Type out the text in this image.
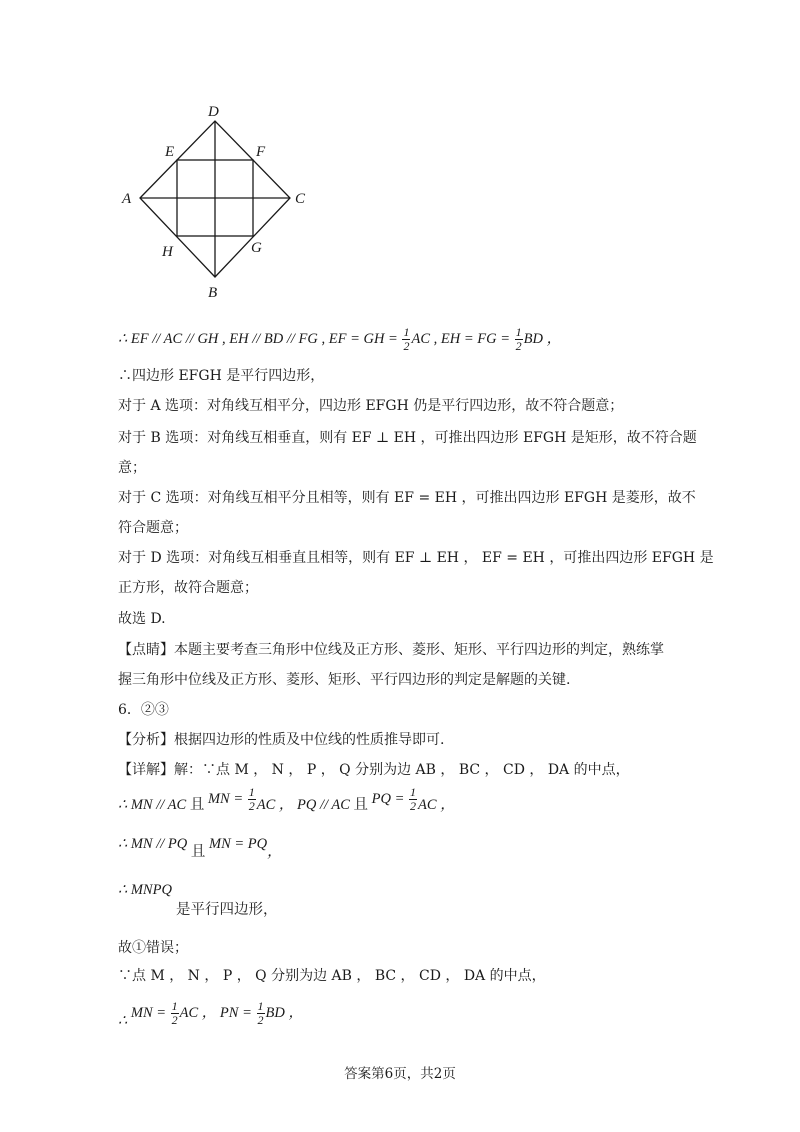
D
E	F
A	C
H	G
B
∴ EF // AC // GH , EH // BD // FG , EF = GH = $\frac{1}{2}$ AC , EH = FG = $\frac{1}{2}$ BD ，
∴四边形 EFGH 是平行四边形，
对于 A 选项：对角线互相平分，四边形 EFGH 仍是平行四边形，故不符合题意；
对于 B 选项：对角线互相垂直，则有 EF ⊥ EH ，可推出四边形 EFGH 是矩形，故不符合题
意；
对于 C 选项：对角线互相平分且相等，则有 EF = EH ，可推出四边形 EFGH 是菱形，故不
符合题意；
对于 D 选项：对角线互相垂直且相等，则有 EF ⊥ EH ， EF = EH ，可推出四边形 EFGH 是
正方形，故符合题意；
故选 D.
【点睛】本题主要考查三角形中位线及正方形、菱形、矩形、平行四边形的判定，熟练掌
握三角形中位线及正方形、菱形、矩形、平行四边形的判定是解题的关键.
6．②③
【分析】根据四边形的性质及中位线的性质推导即可.
【详解】解：∵点 M ， N ， P ， Q 分别为边 AB ， BC ， CD ， DA 的中点，
∴ MN // AC 且 MN = $\frac{1}{2}$ AC ， PQ // AC 且 PQ = $\frac{1}{2}$ AC ，
∴ MN // PQ 且 MN = PQ，
∴ MNPQ
是平行四边形，
故①错误；
∵点 M ， N ， P ， Q 分别为边 AB ， BC ， CD ， DA 的中点，
∴ MN = $\frac{1}{2}$ AC ， PN = $\frac{1}{2}$ BD ，
答案第6页，共2页
